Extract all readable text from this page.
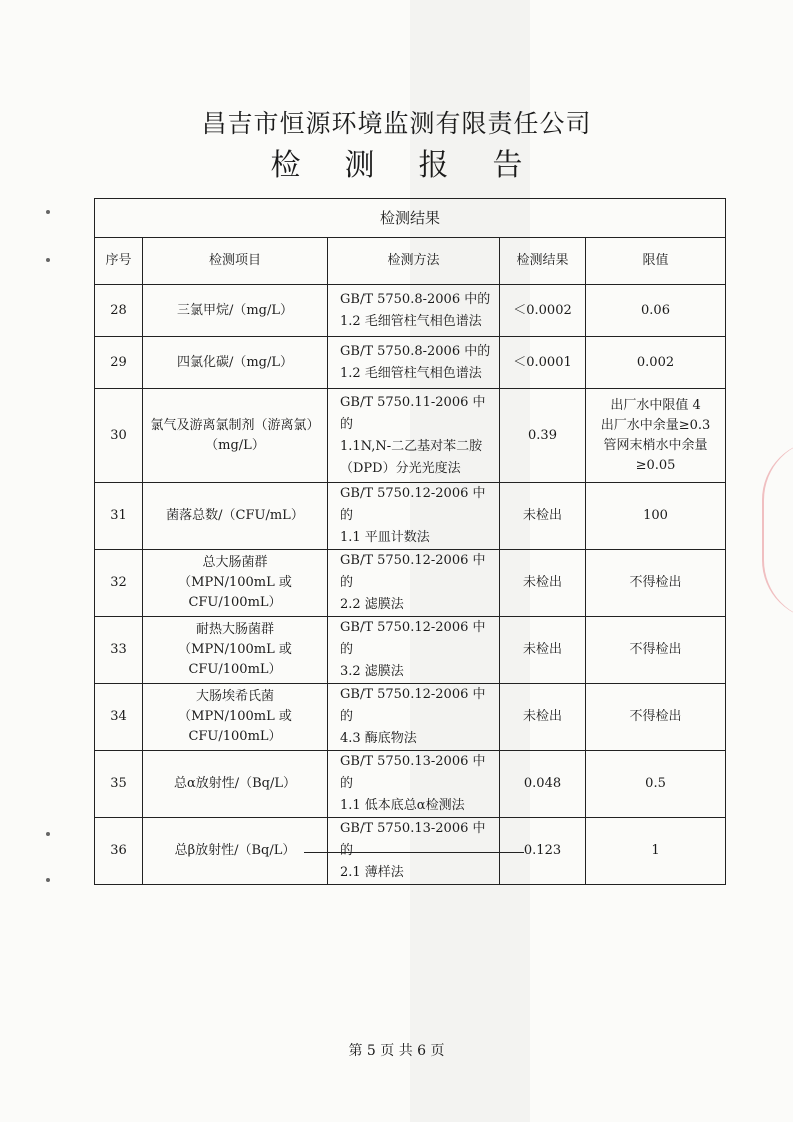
昌吉市恒源环境监测有限责任公司
检测报告
检测结果				
序号	检测项目	检测方法	检测结果	限值
28	三氯甲烷/（mg/L）	GB/T 5750.8-2006 中的
1.2 毛细管柱气相色谱法	＜0.0002	0.06
29	四氯化碳/（mg/L）	GB/T 5750.8-2006 中的
1.2 毛细管柱气相色谱法	＜0.0001	0.002
30	氯气及游离氯制剂（游离氯）
（mg/L）	GB/T 5750.11-2006 中的
1.1N,N-二乙基对苯二胺
（DPD）分光光度法	0.39	出厂水中限值 4
出厂水中余量≥0.3
管网末梢水中余量
≥0.05
31	菌落总数/（CFU/mL）	GB/T 5750.12-2006 中的
1.1 平皿计数法	未检出	100
32	总大肠菌群
（MPN/100mL 或 CFU/100mL）	GB/T 5750.12-2006 中的
2.2 滤膜法	未检出	不得检出
33	耐热大肠菌群
（MPN/100mL 或 CFU/100mL）	GB/T 5750.12-2006 中的
3.2 滤膜法	未检出	不得检出
34	大肠埃希氏菌
（MPN/100mL 或 CFU/100mL）	GB/T 5750.12-2006 中的
4.3 酶底物法	未检出	不得检出
35	总α放射性/（Bq/L）	GB/T 5750.13-2006 中的
1.1 低本底总α检测法	0.048	0.5
36	总β放射性/（Bq/L）	GB/T 5750.13-2006 中的
2.1 薄样法	0.123	1
第 5 页 共 6 页
